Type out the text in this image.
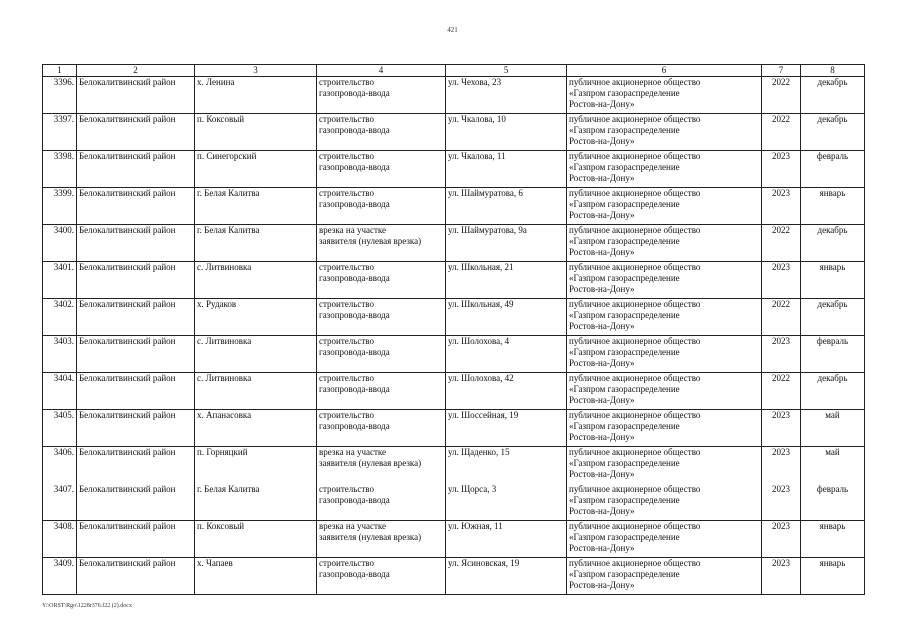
421
1	2	3	4	5	6	7	8
3396.	Белокалитвинский район	х. Ленина	строительство
газопровода-ввода	ул. Чехова, 23	публичное акционерное общество
«Газпром газораспределение
Ростов-на-Дону»	2022	декабрь
3397.	Белокалитвинский район	п. Коксовый	строительство
газопровода-ввода	ул. Чкалова, 10	публичное акционерное общество
«Газпром газораспределение
Ростов-на-Дону»	2022	декабрь
3398.	Белокалитвинский район	п. Синегорский	строительство
газопровода-ввода	ул. Чкалова, 11	публичное акционерное общество
«Газпром газораспределение
Ростов-на-Дону»	2023	февраль
3399.	Белокалитвинский район	г. Белая Калитва	строительство
газопровода-ввода	ул. Шаймуратова, 6	публичное акционерное общество
«Газпром газораспределение
Ростов-на-Дону»	2023	январь
3400.	Белокалитвинский район	г. Белая Калитва	врезка на участке
заявителя (нулевая врезка)	ул. Шаймуратова, 9а	публичное акционерное общество
«Газпром газораспределение
Ростов-на-Дону»	2022	декабрь
3401.	Белокалитвинский район	с. Литвиновка	строительство
газопровода-ввода	ул. Школьная, 21	публичное акционерное общество
«Газпром газораспределение
Ростов-на-Дону»	2023	январь
3402.	Белокалитвинский район	х. Рудаков	строительство
газопровода-ввода	ул. Школьная, 49	публичное акционерное общество
«Газпром газораспределение
Ростов-на-Дону»	2022	декабрь
3403.	Белокалитвинский район	с. Литвиновка	строительство
газопровода-ввода	ул. Шолохова, 4	публичное акционерное общество
«Газпром газораспределение
Ростов-на-Дону»	2023	февраль
3404.	Белокалитвинский район	с. Литвиновка	строительство
газопровода-ввода	ул. Шолохова, 42	публичное акционерное общество
«Газпром газораспределение
Ростов-на-Дону»	2022	декабрь
3405.	Белокалитвинский район	х. Апанасовка	строительство
газопровода-ввода	ул. Шоссейная, 19	публичное акционерное общество
«Газпром газораспределение
Ростов-на-Дону»	2023	май
3406.	Белокалитвинский район	п. Горняцкий	врезка на участке
заявителя (нулевая врезка)	ул. Щаденко, 15	публичное акционерное общество
«Газпром газораспределение
Ростов-на-Дону»	2023	май
3407.	Белокалитвинский район	г. Белая Калитва	строительство
газопровода-ввода	ул. Щорса, 3	публичное акционерное общество
«Газпром газораспределение
Ростов-на-Дону»	2023	февраль
3408.	Белокалитвинский район	п. Коксовый	врезка на участке
заявителя (нулевая врезка)	ул. Южная, 11	публичное акционерное общество
«Газпром газораспределение
Ростов-на-Дону»	2023	январь
3409.	Белокалитвинский район	х. Чапаев	строительство
газопровода-ввода	ул. Ясиновская, 19	публичное акционерное общество
«Газпром газораспределение
Ростов-на-Дону»	2023	январь
Y:\ORST\Rgo\1228r376.f22 (2).docx
